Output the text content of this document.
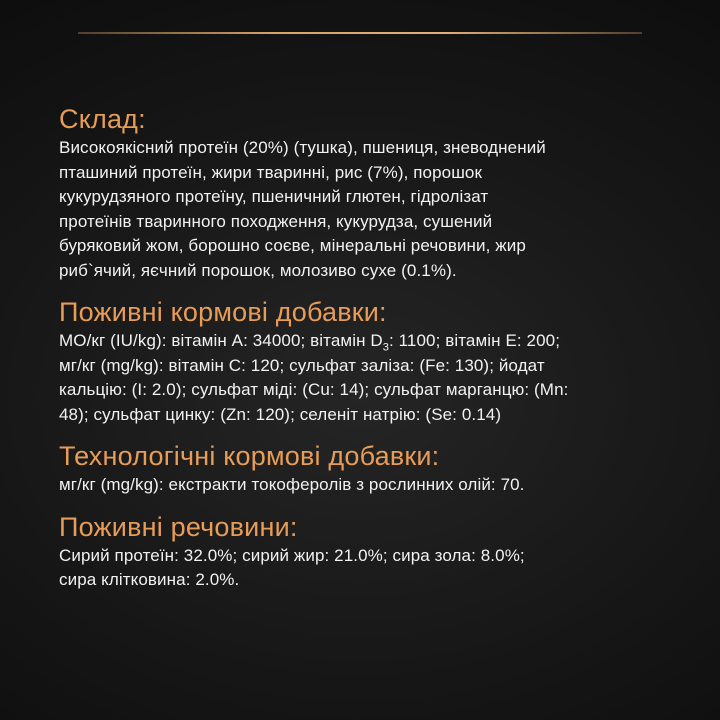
Склад:

Високоякісний протеїн (20%) (тушка), пшениця, зневоднений
пташиний протеїн, жири тваринні, рис (7%), порошок
кукурудзяного протеїну, пшеничний глютен, гідролізат
протеїнів тваринного походження, кукурудза, сушений
буряковий жом, борошно соєве, мінеральні речовини, жир
риб`ячий, яєчний порошок, молозиво сухе (0.1%).

Поживні кормові добавки:

МО/кг (IU/kg): вітамін А: 34000; вітамін $D_3$: 1100; вітамін Е: 200;
мг/кг (mg/kg): вітамін С: 120; сульфат заліза: (Fe: 130); йодат
кальцію: (I: 2.0); сульфат міді: (Cu: 14); сульфат марганцю: (Mn:
48); сульфат цинку: (Zn: 120); селеніт натрію: (Se: 0.14)

Технологічні кормові добавки:

мг/кг (mg/kg): екстракти токоферолів з рослинних олій: 70.

Поживні речовини:

Сирий протеїн: 32.0%; сирий жир: 21.0%; сира зола: 8.0%;
сира клітковина: 2.0%.
